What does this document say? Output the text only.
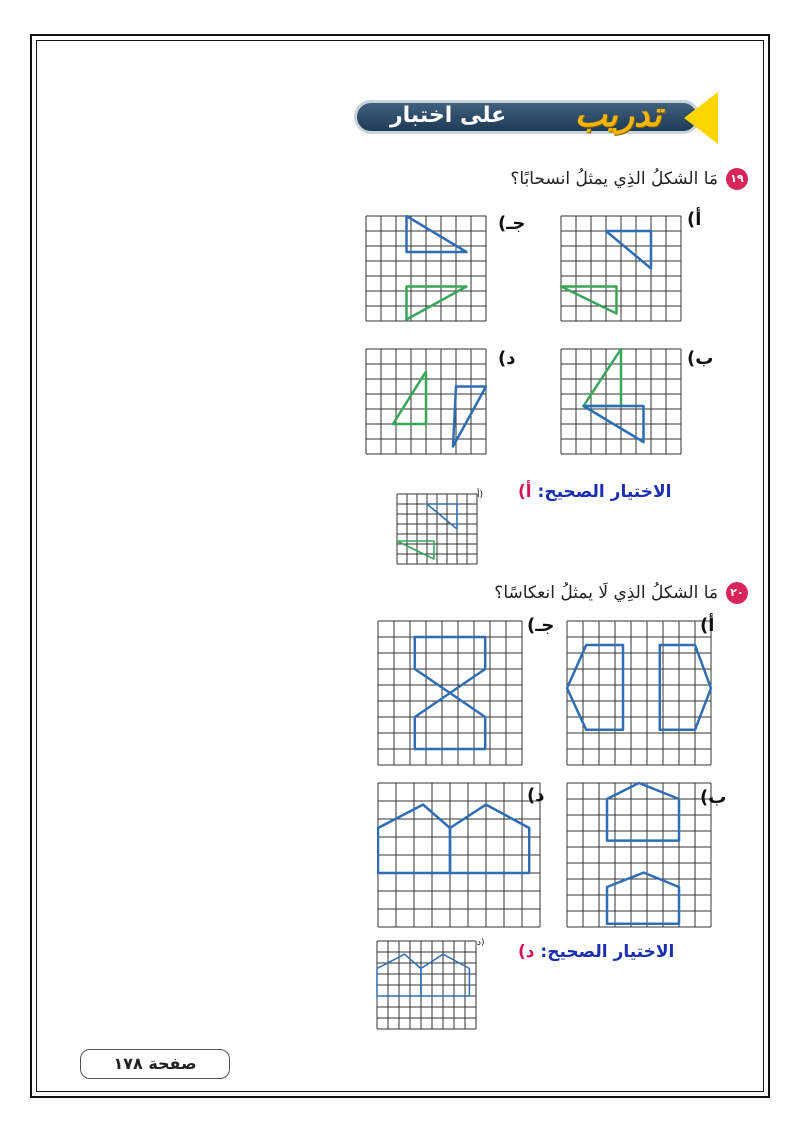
على اختبار	تدريب
١٩
مَا الشكلُ الذِي يمثلُ انسحابًا؟
أ)
جـ)
ب)
د)
الاختيار الصحيح: أ)
أ)
٢٠
مَا الشكلُ الذِي لَا يمثلُ انعكاسًا؟
أ)
جـ)
ب)
د)
الاختيار الصحيح: د)
د)
صفحة ١٧٨
